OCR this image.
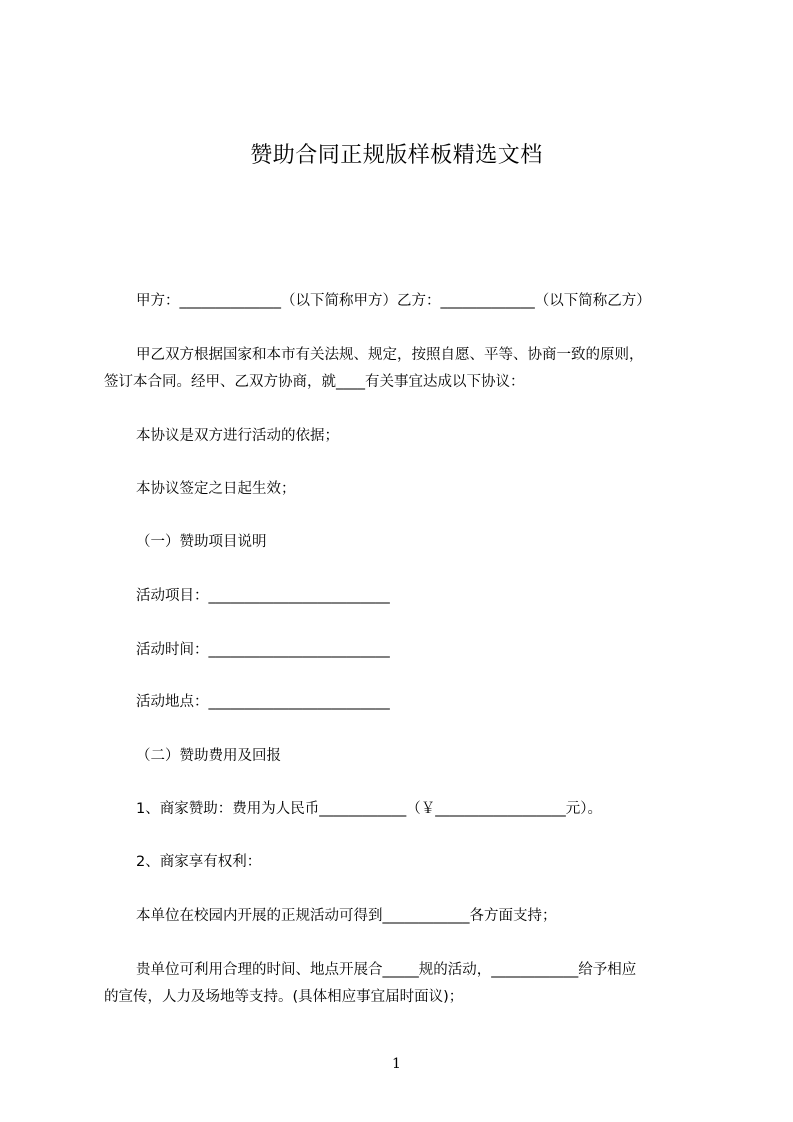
赞助合同正规版样板精选文档
甲方：______________（以下简称甲方）乙方：_____________（以下简称乙方）
甲乙双方根据国家和本市有关法规、规定，按照自愿、平等、协商一致的原则，
签订本合同。经甲、乙双方协商，就____有关事宜达成以下协议：
本协议是双方进行活动的依据；
本协议签定之日起生效；
（一）赞助项目说明
活动项目：_________________________
活动时间：_________________________
活动地点：_________________________
（二）赞助费用及回报
1、商家赞助：费用为人民币____________（￥__________________元）。
2、商家享有权利：
本单位在校园内开展的正规活动可得到____________各方面支持；
贵单位可利用合理的时间、地点开展合_____规的活动，____________给予相应
的宣传，人力及场地等支持。(具体相应事宜届时面议)；
1
